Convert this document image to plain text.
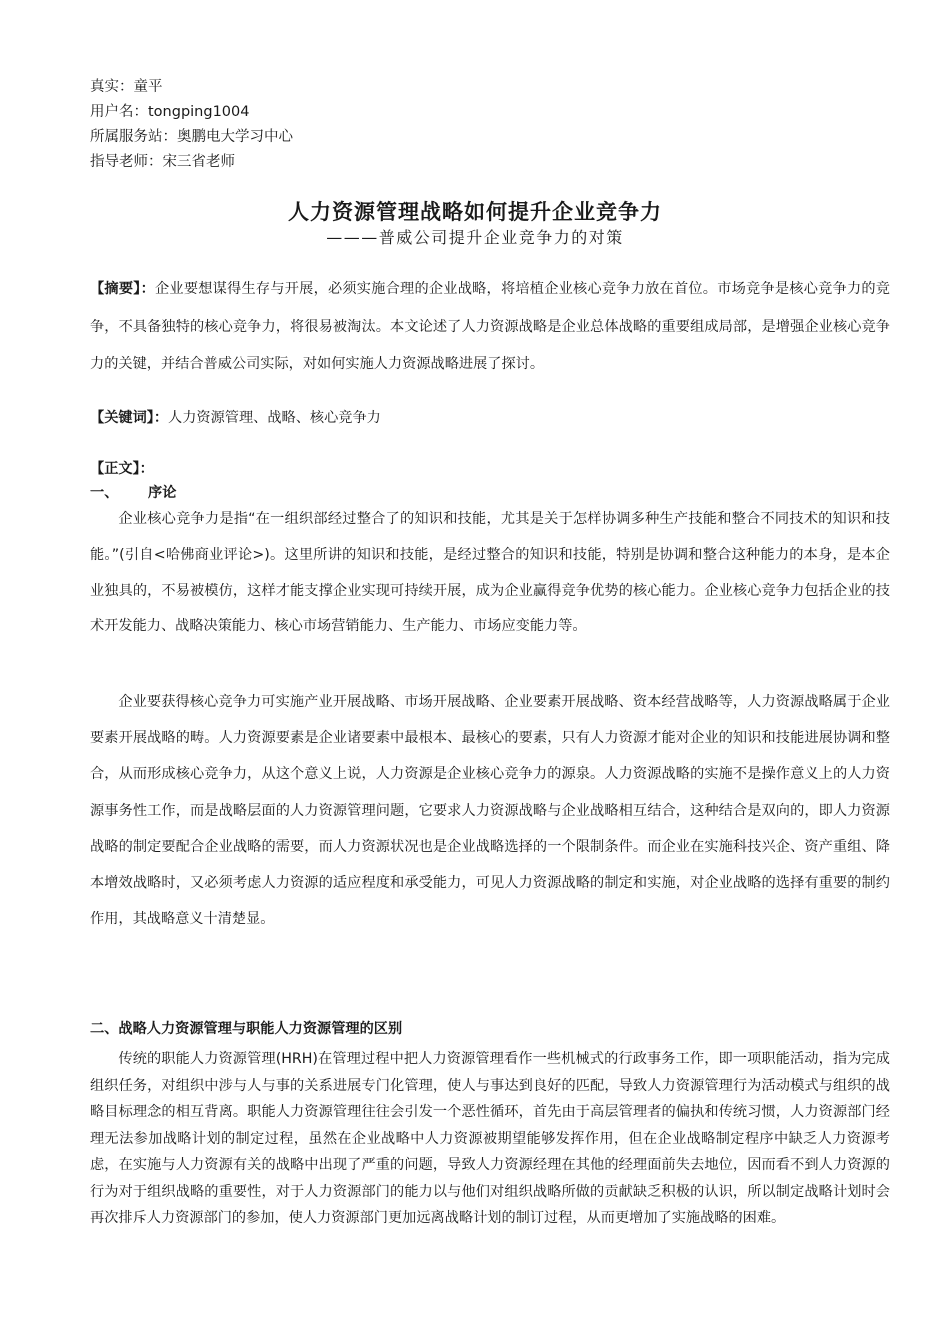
真实：童平
用户名：tongping1004
所属服务站：奥鹏电大学习中心
指导老师：宋三省老师
人力资源管理战略如何提升企业竞争力
———普威公司提升企业竞争力的对策
【摘要】：企业要想谋得生存与开展，必须实施合理的企业战略，将培植企业核心竞争力放在首位。市场竞争是核心竞争力的竞争，不具备独特的核心竞争力，将很易被淘汰。本文论述了人力资源战略是企业总体战略的重要组成局部，是增强企业核心竞争力的关键，并结合普威公司实际，对如何实施人力资源战略进展了探讨。
【关键词】：人力资源管理、战略、核心竞争力
【正文】：
一、 序论
企业核心竞争力是指“在一组织部经过整合了的知识和技能，尤其是关于怎样协调多种生产技能和整合不同技术的知识和技能。”(引自<哈佛商业评论>)。这里所讲的知识和技能，是经过整合的知识和技能，特别是协调和整合这种能力的本身，是本企业独具的，不易被模仿，这样才能支撑企业实现可持续开展，成为企业赢得竞争优势的核心能力。企业核心竞争力包括企业的技术开发能力、战略决策能力、核心市场营销能力、生产能力、市场应变能力等。
企业要获得核心竞争力可实施产业开展战略、市场开展战略、企业要素开展战略、资本经营战略等，人力资源战略属于企业要素开展战略的畴。人力资源要素是企业诸要素中最根本、最核心的要素，只有人力资源才能对企业的知识和技能进展协调和整合，从而形成核心竞争力，从这个意义上说，人力资源是企业核心竞争力的源泉。人力资源战略的实施不是操作意义上的人力资源事务性工作，而是战略层面的人力资源管理问题，它要求人力资源战略与企业战略相互结合，这种结合是双向的，即人力资源战略的制定要配合企业战略的需要，而人力资源状况也是企业战略选择的一个限制条件。而企业在实施科技兴企、资产重组、降本增效战略时，又必须考虑人力资源的适应程度和承受能力，可见人力资源战略的制定和实施，对企业战略的选择有重要的制约作用，其战略意义十清楚显。
二、战略人力资源管理与职能人力资源管理的区别
传统的职能人力资源管理(HRH)在管理过程中把人力资源管理看作一些机械式的行政事务工作，即一项职能活动，指为完成组织任务，对组织中涉与人与事的关系进展专门化管理，使人与事达到良好的匹配，导致人力资源管理行为活动模式与组织的战略目标理念的相互背离。职能人力资源管理往往会引发一个恶性循环，首先由于高层管理者的偏执和传统习惯，人力资源部门经理无法参加战略计划的制定过程，虽然在企业战略中人力资源被期望能够发挥作用，但在企业战略制定程序中缺乏人力资源考虑，在实施与人力资源有关的战略中出现了严重的问题，导致人力资源经理在其他的经理面前失去地位，因而看不到人力资源的行为对于组织战略的重要性，对于人力资源部门的能力以与他们对组织战略所做的贡献缺乏积极的认识，所以制定战略计划时会再次排斥人力资源部门的参加，使人力资源部门更加远离战略计划的制订过程，从而更增加了实施战略的困难。
